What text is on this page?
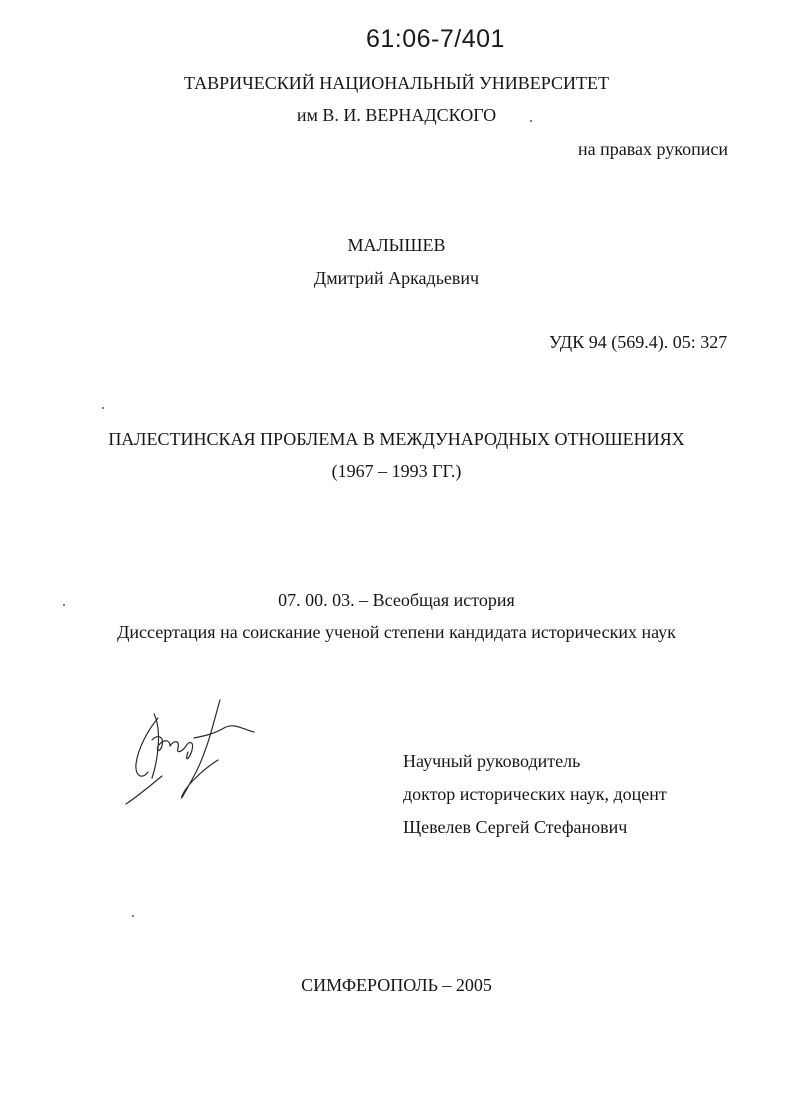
61:06-7/401
ТАВРИЧЕСКИЙ НАЦИОНАЛЬНЫЙ УНИВЕРСИТЕТ
им В. И. ВЕРНАДСКОГО
на правах рукописи
МАЛЫШЕВ
Дмитрий Аркадьевич
УДК 94 (569.4). 05: 327
ПАЛЕСТИНСКАЯ ПРОБЛЕМА В МЕЖДУНАРОДНЫХ ОТНОШЕНИЯХ
(1967 – 1993 ГГ.)
07. 00. 03. – Всеобщая история
Диссертация на соискание ученой степени кандидата исторических наук
Научный руководитель
доктор исторических наук, доцент
Щевелев Сергей Стефанович
СИМФЕРОПОЛЬ – 2005
